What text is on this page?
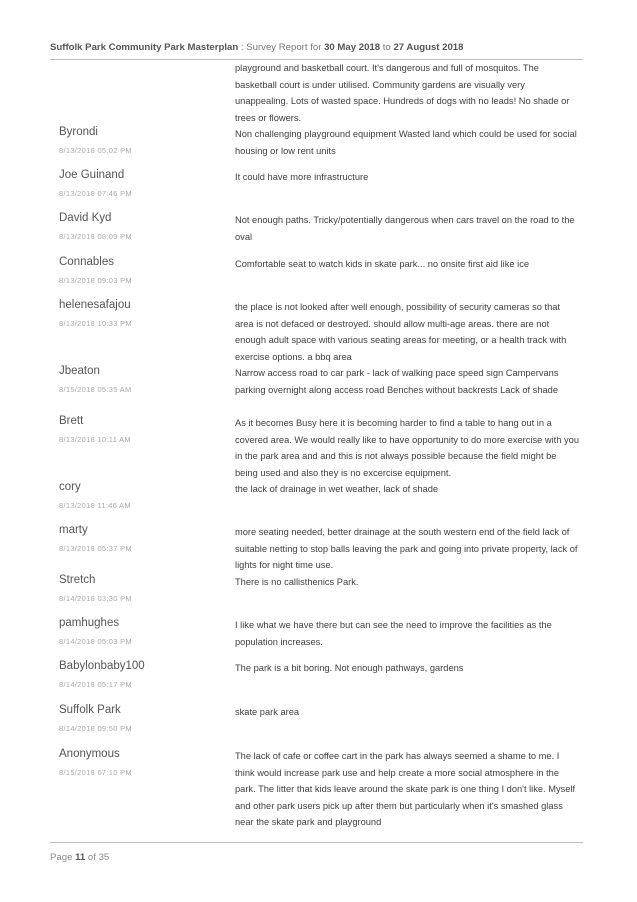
Suffolk Park Community Park Masterplan : Survey Report for 30 May 2018 to 27 August 2018
playground and basketball court. It's dangerous and full of mosquitos. The basketball court is under utilised. Community gardens are visually very unappealing. Lots of wasted space. Hundreds of dogs with no leads! No shade or trees or flowers.
Byrondi
8/13/2018 05:02 PM
Non challenging playground equipment Wasted land which could be used for social housing or low rent units
Joe Guinand
8/13/2018 07:46 PM
It could have more infrastructure
David Kyd
8/13/2018 08:09 PM
Not enough paths. Tricky/potentially dangerous when cars travel on the road to the oval
Connables
8/13/2018 09:03 PM
Comfortable seat to watch kids in skate park... no onsite first aid like ice
helenesafajou
8/13/2018 10:33 PM
the place is not looked after well enough, possibility of security cameras so that area is not defaced or destroyed. should allow multi-age areas. there are not enough adult space with various seating areas for meeting, or a health track with exercise options. a bbq area
Jbeaton
8/15/2018 05:35 AM
Narrow access road to car park - lack of walking pace speed sign Campervans parking overnight along access road Benches without backrests Lack of shade
Brett
8/13/2018 10:11 AM
As it becomes Busy here it is becoming harder to find a table to hang out in a covered area. We would really like to have opportunity to do more exercise with you in the park area and and this is not always possible because the field might be being used and also they is no excercise equipment.
cory
8/13/2018 11:46 AM
the lack of drainage in wet weather, lack of shade
marty
8/13/2018 05:37 PM
more seating needed, better drainage at the south western end of the field lack of suitable netting to stop balls leaving the park and going into private property, lack of lights for night time use.
Stretch
8/14/2018 03:30 PM
There is no callisthenics Park.
pamhughes
8/14/2018 05:03 PM
I like what we have there but can see the need to improve the facilities as the population increases.
Babylonbaby100
8/14/2018 05:17 PM
The park is a bit boring. Not enough pathways, gardens
Suffolk Park
8/14/2018 09:50 PM
skate park area
Anonymous
8/15/2018 07:10 PM
The lack of cafe or coffee cart in the park has always seemed a shame to me. I think would increase park use and help create a more social atmosphere in the park. The litter that kids leave around the skate park is one thing I don't like. Myself and other park users pick up after them but particularly when it's smashed glass near the skate park and playground
Page 11 of 35
